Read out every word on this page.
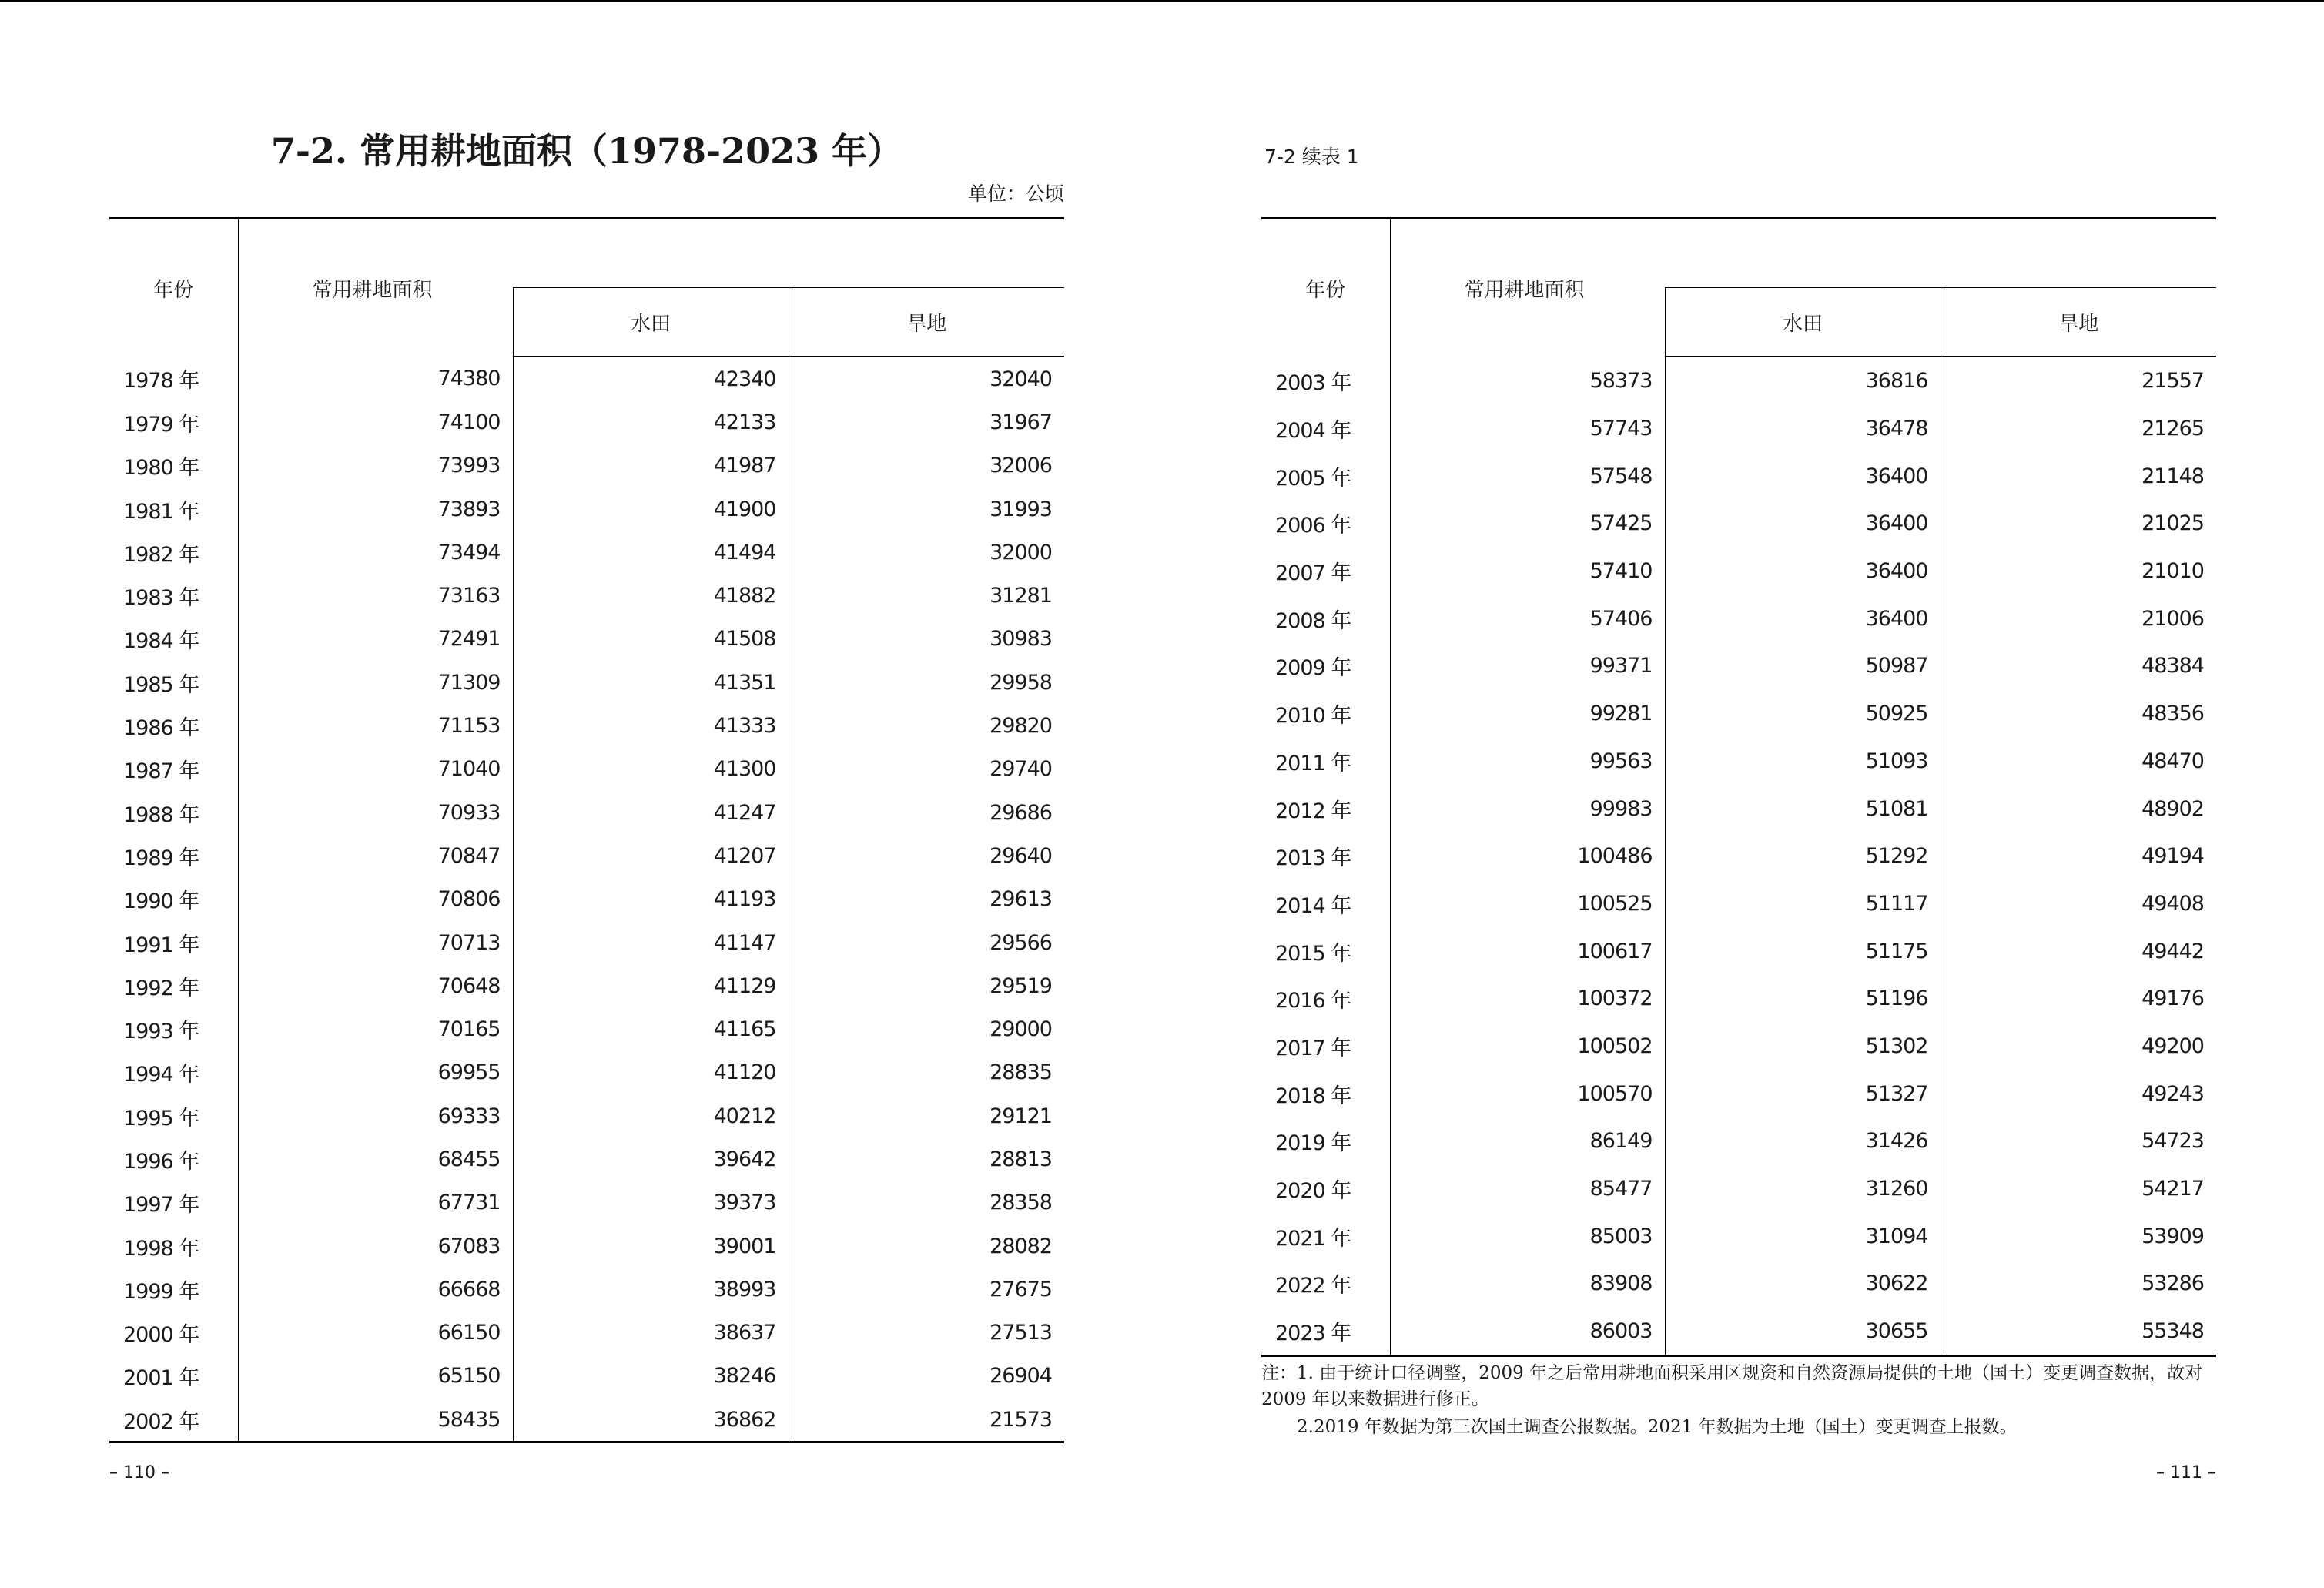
7-2. 常用耕地面积（1978-2023 年）
单位：公顷
年份	常用耕地面积		
		水田	旱地
1978 年	74380	42340	32040
1979 年	74100	42133	31967
1980 年	73993	41987	32006
1981 年	73893	41900	31993
1982 年	73494	41494	32000
1983 年	73163	41882	31281
1984 年	72491	41508	30983
1985 年	71309	41351	29958
1986 年	71153	41333	29820
1987 年	71040	41300	29740
1988 年	70933	41247	29686
1989 年	70847	41207	29640
1990 年	70806	41193	29613
1991 年	70713	41147	29566
1992 年	70648	41129	29519
1993 年	70165	41165	29000
1994 年	69955	41120	28835
1995 年	69333	40212	29121
1996 年	68455	39642	28813
1997 年	67731	39373	28358
1998 年	67083	39001	28082
1999 年	66668	38993	27675
2000 年	66150	38637	27513
2001 年	65150	38246	26904
2002 年	58435	36862	21573
– 110 –
7-2 续表 1
年份	常用耕地面积		
		水田	旱地
2003 年	58373	36816	21557
2004 年	57743	36478	21265
2005 年	57548	36400	21148
2006 年	57425	36400	21025
2007 年	57410	36400	21010
2008 年	57406	36400	21006
2009 年	99371	50987	48384
2010 年	99281	50925	48356
2011 年	99563	51093	48470
2012 年	99983	51081	48902
2013 年	100486	51292	49194
2014 年	100525	51117	49408
2015 年	100617	51175	49442
2016 年	100372	51196	49176
2017 年	100502	51302	49200
2018 年	100570	51327	49243
2019 年	86149	31426	54723
2020 年	85477	31260	54217
2021 年	85003	31094	53909
2022 年	83908	30622	53286
2023 年	86003	30655	55348

注：1. 由于统计口径调整，2009 年之后常用耕地面积采用区规资和自然资源局提供的土地（国土）变更调查数据，故对 2009 年以来数据进行修正。

2.2019 年数据为第三次国土调查公报数据。2021 年数据为土地（国土）变更调查上报数。

– 111 –
